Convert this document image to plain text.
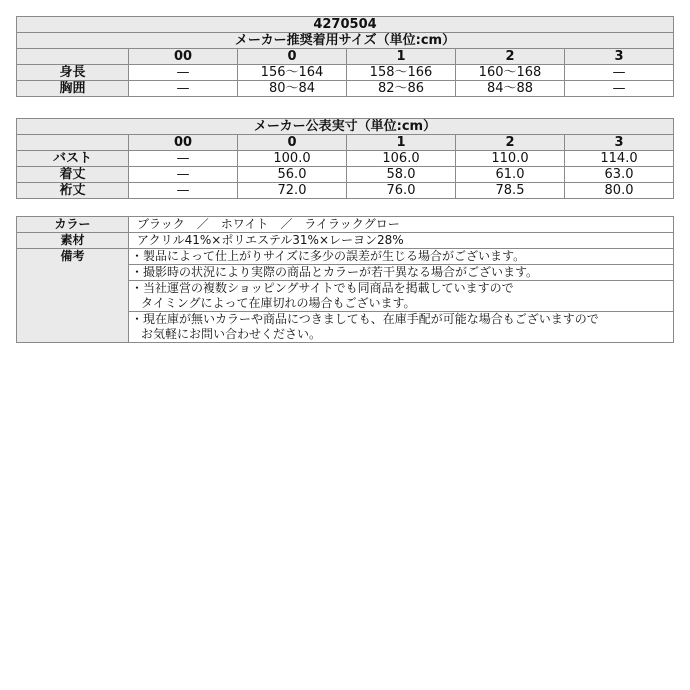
4270504					
メーカー推奨着用サイズ（単位:cm）					
	00	0	1	2	3
身長	—	156〜164	158〜166	160〜168	—
胸囲	—	80〜84	82〜86	84〜88	—
メーカー公表実寸（単位:cm）					
	00	0	1	2	3
バスト	—	100.0	106.0	110.0	114.0
着丈	—	56.0	58.0	61.0	63.0
裄丈	—	72.0	76.0	78.5	80.0
カラー	ブラック　／　ホワイト　／　ライラックグロー
素材	アクリル41%×ポリエステル31%×レーヨン28%
備考	・製品によって仕上がりサイズに多少の誤差が生じる場合がございます。

	・撮影時の状況により実際の商品とカラーが若干異なる場合がございます。

	・当社運営の複数ショッピングサイトでも同商品を掲載していますので
タイミングによって在庫切れの場合もございます。

	・現在庫が無いカラーや商品につきましても、在庫手配が可能な場合もございますので
お気軽にお問い合わせください。
